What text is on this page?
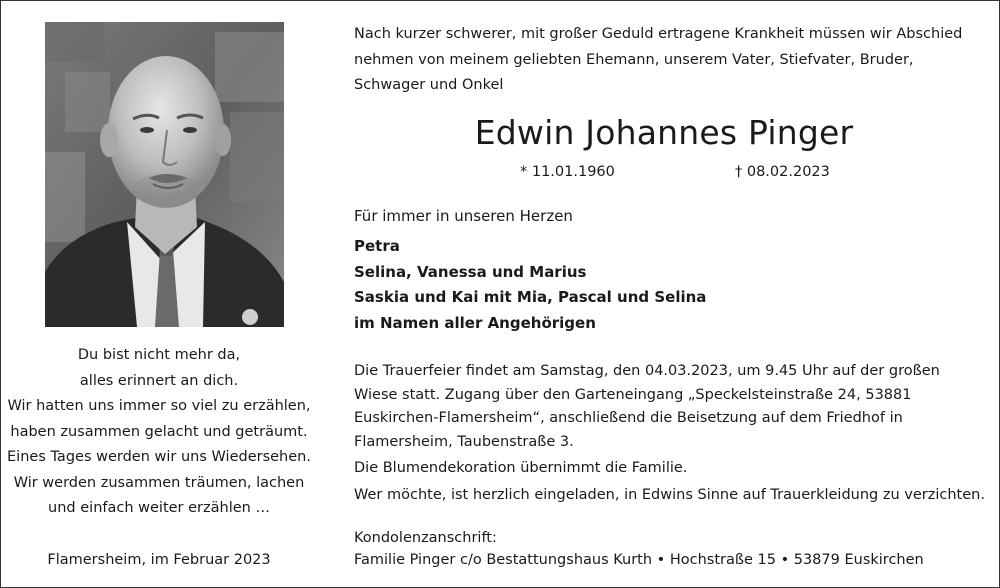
Du bist nicht mehr da,
alles erinnert an dich.
Wir hatten uns immer so viel zu erzählen,
haben zusammen gelacht und geträumt.
Eines Tages werden wir uns Wiedersehen.
Wir werden zusammen träumen, lachen
und einfach weiter erzählen …
Flamersheim, im Februar 2023
Nach kurzer schwerer, mit großer Geduld ertragene Krankheit müssen wir Abschied
nehmen von meinem geliebten Ehemann, unserem Vater, Stiefvater, Bruder,
Schwager und Onkel
Edwin Johannes Pinger
* 11.01.1960	† 08.02.2023
Für immer in unseren Herzen
Petra
Selina, Vanessa und Marius
Saskia und Kai mit Mia, Pascal und Selina
im Namen aller Angehörigen
Die Trauerfeier findet am Samstag, den 04.03.2023, um 9.45 Uhr auf der großen
Wiese statt. Zugang über den Garteneingang „Speckelsteinstraße 24, 53881
Euskirchen-Flamersheim“, anschließend die Beisetzung auf dem Friedhof in
Flamersheim, Taubenstraße 3.
Die Blumendekoration übernimmt die Familie.
Wer möchte, ist herzlich eingeladen, in Edwins Sinne auf Trauerkleidung zu verzichten.
Kondolenzanschrift:
Familie Pinger c/o Bestattungshaus Kurth • Hochstraße 15 • 53879 Euskirchen
